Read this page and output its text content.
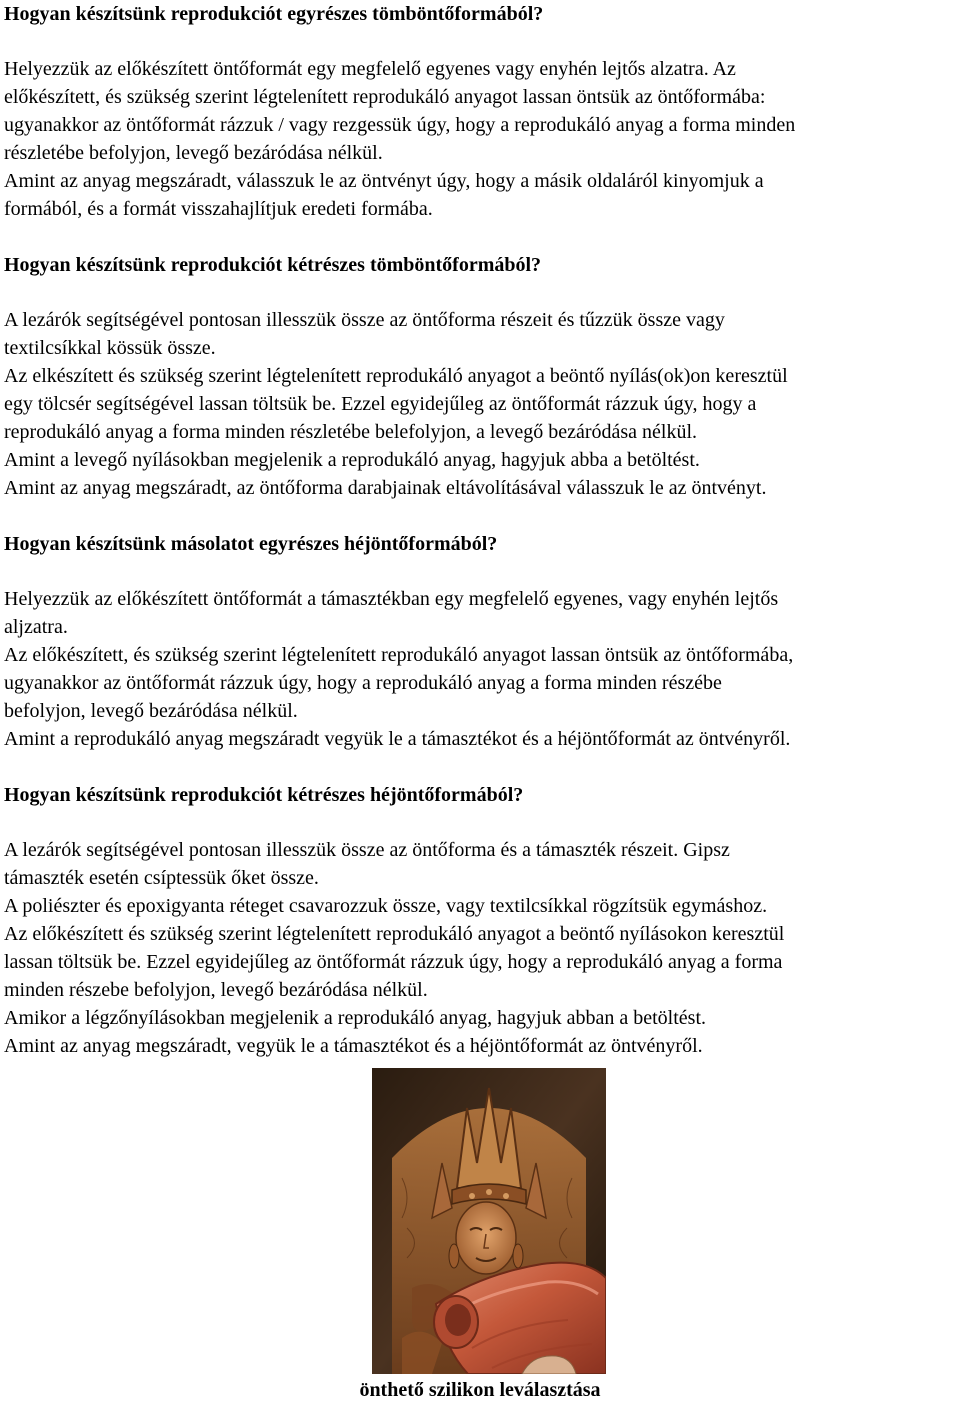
Hogyan készítsünk reprodukciót egyrészes tömböntőformából?

Helyezzük az előkészített öntőformát egy megfelelő egyenes vagy enyhén lejtős alzatra. Az

előkészített, és szükség szerint légtelenített reprodukáló anyagot lassan öntsük az öntőformába:

ugyanakkor az öntőformát rázzuk / vagy rezgessük úgy, hogy a reprodukáló anyag a forma minden

részletébe befolyjon, levegő bezáródása nélkül.

Amint az anyag megszáradt, válasszuk le az öntvényt úgy, hogy a másik oldaláról kinyomjuk a

formából, és a formát visszahajlítjuk eredeti formába.

Hogyan készítsünk reprodukciót kétrészes tömböntőformából?

A lezárók segítségével pontosan illesszük össze az öntőforma részeit és tűzzük össze vagy

textilcsíkkal kössük össze.

Az elkészített és szükség szerint légtelenített reprodukáló anyagot a beöntő nyílás(ok)on keresztül

egy tölcsér segítségével lassan töltsük be. Ezzel egyidejűleg az öntőformát rázzuk úgy, hogy a

reprodukáló anyag a forma minden részletébe belefolyjon, a levegő bezáródása nélkül.

Amint a levegő nyílásokban megjelenik a reprodukáló anyag, hagyjuk abba a betöltést.

Amint az anyag megszáradt, az öntőforma darabjainak eltávolításával válasszuk le az öntvényt.

Hogyan készítsünk másolatot egyrészes héjöntőformából?

Helyezzük az előkészített öntőformát a támasztékban egy megfelelő egyenes, vagy enyhén lejtős

aljzatra.

Az előkészített, és szükség szerint légtelenített reprodukáló anyagot lassan öntsük az öntőformába,

ugyanakkor az öntőformát rázzuk úgy, hogy a reprodukáló anyag a forma minden részébe

befolyjon, levegő bezáródása nélkül.

Amint a reprodukáló anyag megszáradt vegyük le a támasztékot és a héjöntőformát az öntvényről.

Hogyan készítsünk reprodukciót kétrészes héjöntőformából?

A lezárók segítségével pontosan illesszük össze az öntőforma és a támaszték részeit. Gipsz

támaszték esetén csíptessük őket össze.

A poliészter és epoxigyanta réteget csavarozzuk össze, vagy textilcsíkkal rögzítsük egymáshoz.

Az előkészített és szükség szerint légtelenített reprodukáló anyagot a beöntő nyílásokon keresztül

lassan töltsük be. Ezzel egyidejűleg az öntőformát rázzuk úgy, hogy a reprodukáló anyag a forma

minden részebe befolyjon, levegő bezáródása nélkül.

Amikor a légzőnyílásokban megjelenik a reprodukáló anyag, hagyjuk abban a betöltést.

Amint az anyag megszáradt, vegyük le a támasztékot és a héjöntőformát az öntvényről.

önthető szilikon leválasztása
